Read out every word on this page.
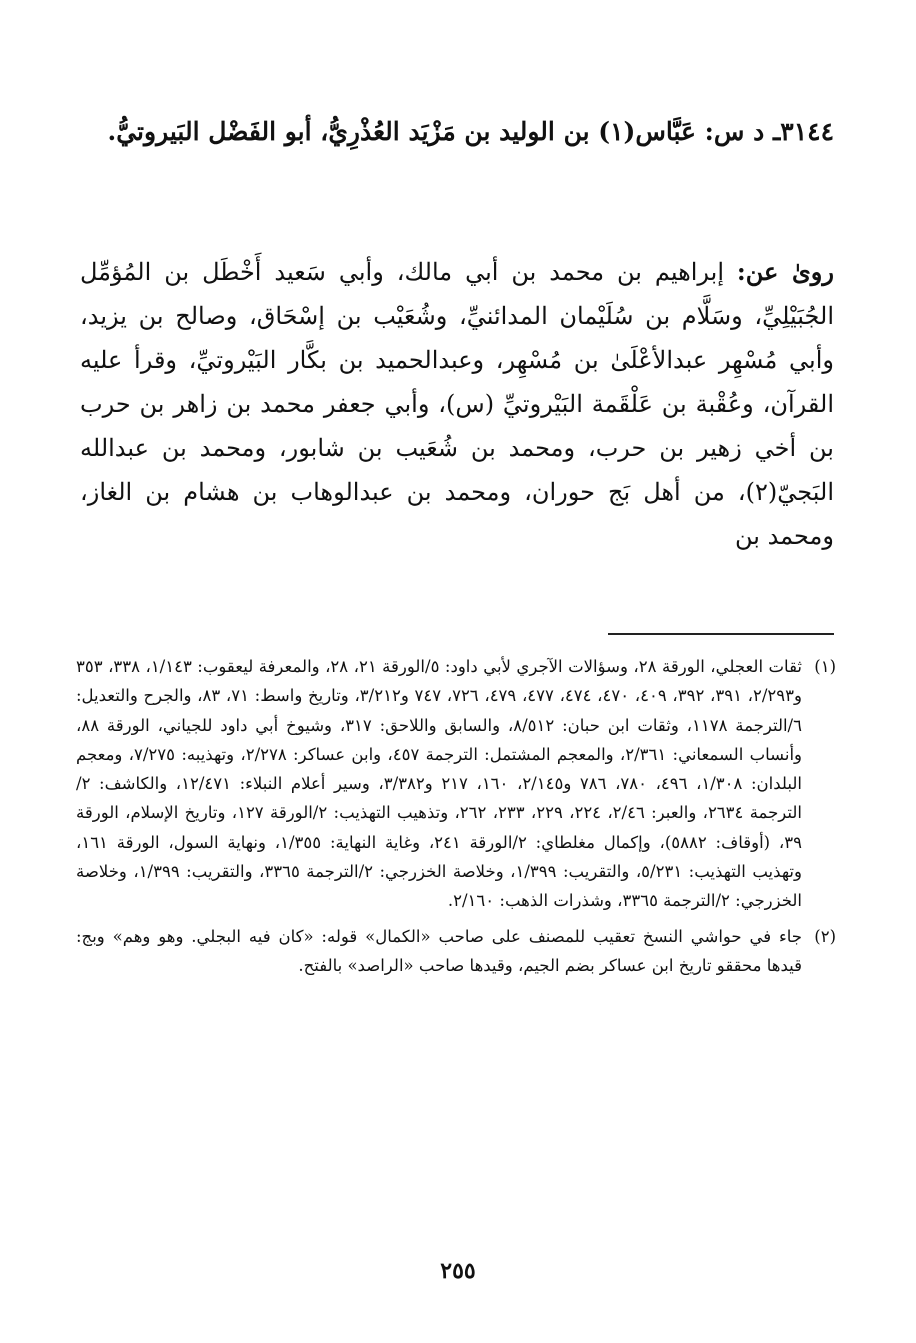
٣١٤٤ـ د س: عَبَّاس(١) بن الوليد بن مَزْيَد العُذْرِيُّ، أبو الفَضْل البَيروتيُّ.
روىٰ عن: إبراهيم بن محمد بن أبي مالك، وأبي سَعيد أَخْطَل بن المُؤمِّل الجُبَيْلِيِّ، وسَلَّام بن سُلَيْمان المدائنيِّ، وشُعَيْب بن إسْحَاق، وصالح بن يزيد، وأبي مُسْهِر عبدالأعْلَىٰ بن مُسْهِر، وعبدالحميد بن بكَّار البَيْروتيِّ، وقرأ عليه القرآن، وعُقْبة بن عَلْقَمة البَيْروتيِّ (س)، وأبي جعفر محمد بن زاهر بن حرب بن أخي زهير بن حرب، ومحمد بن شُعَيب بن شابور، ومحمد بن عبدالله البَجيّ(٢)، من أهل بَج حوران، ومحمد بن عبدالوهاب بن هشام بن الغاز، ومحمد بن
(١)
ثقات العجلي، الورقة ٢٨، وسؤالات الآجري لأبي داود: ٥/الورقة ٢١، ٢٨، والمعرفة ليعقوب: ١/١٤٣، ٣٣٨، ٣٥٣ و٢/٢٩٣، ٣٩١، ٣٩٢، ٤٠٩، ٤٧٠، ٤٧٤، ٤٧٧، ٤٧٩، ٧٢٦، ٧٤٧ و٣/٢١٢، وتاريخ واسط: ٧١، ٨٣، والجرح والتعديل: ٦/الترجمة ١١٧٨، وثقات ابن حبان: ٨/٥١٢، والسابق واللاحق: ٣١٧، وشيوخ أبي داود للجياني، الورقة ٨٨، وأنساب السمعاني: ٢/٣٦١، والمعجم المشتمل: الترجمة ٤٥٧، وابن عساكر: ٢/٢٧٨، وتهذيبه: ٧/٢٧٥، ومعجم البلدان: ١/٣٠٨، ٤٩٦، ٧٨٠، ٧٨٦ و٢/١٤٥، ١٦٠، ٢١٧ و٣/٣٨٢، وسير أعلام النبلاء: ١٢/٤٧١، والكاشف: ٢/الترجمة ٢٦٣٤، والعبر: ٢/٤٦، ٢٢٤، ٢٢٩، ٢٣٣، ٢٦٢، وتذهيب التهذيب: ٢/الورقة ١٢٧، وتاريخ الإسلام، الورقة ٣٩، (أوقاف: ٥٨٨٢)، وإكمال مغلطاي: ٢/الورقة ٢٤١، وغاية النهاية: ١/٣٥٥، ونهاية السول، الورقة ١٦١، وتهذيب التهذيب: ٥/٢٣١، والتقريب: ١/٣٩٩، وخلاصة الخزرجي: ٢/الترجمة ٣٣٦٥، والتقريب: ١/٣٩٩، وخلاصة الخزرجي: ٢/الترجمة ٣٣٦٥، وشذرات الذهب: ٢/١٦٠.
(٢)
جاء في حواشي النسخ تعقيب للمصنف على صاحب «الكمال» قوله: «كان فيه البجلي. وهو وهم» وبج: قيدها محققو تاريخ ابن عساكر بضم الجيم، وقيدها صاحب «الراصد» بالفتح.
٢٥٥
